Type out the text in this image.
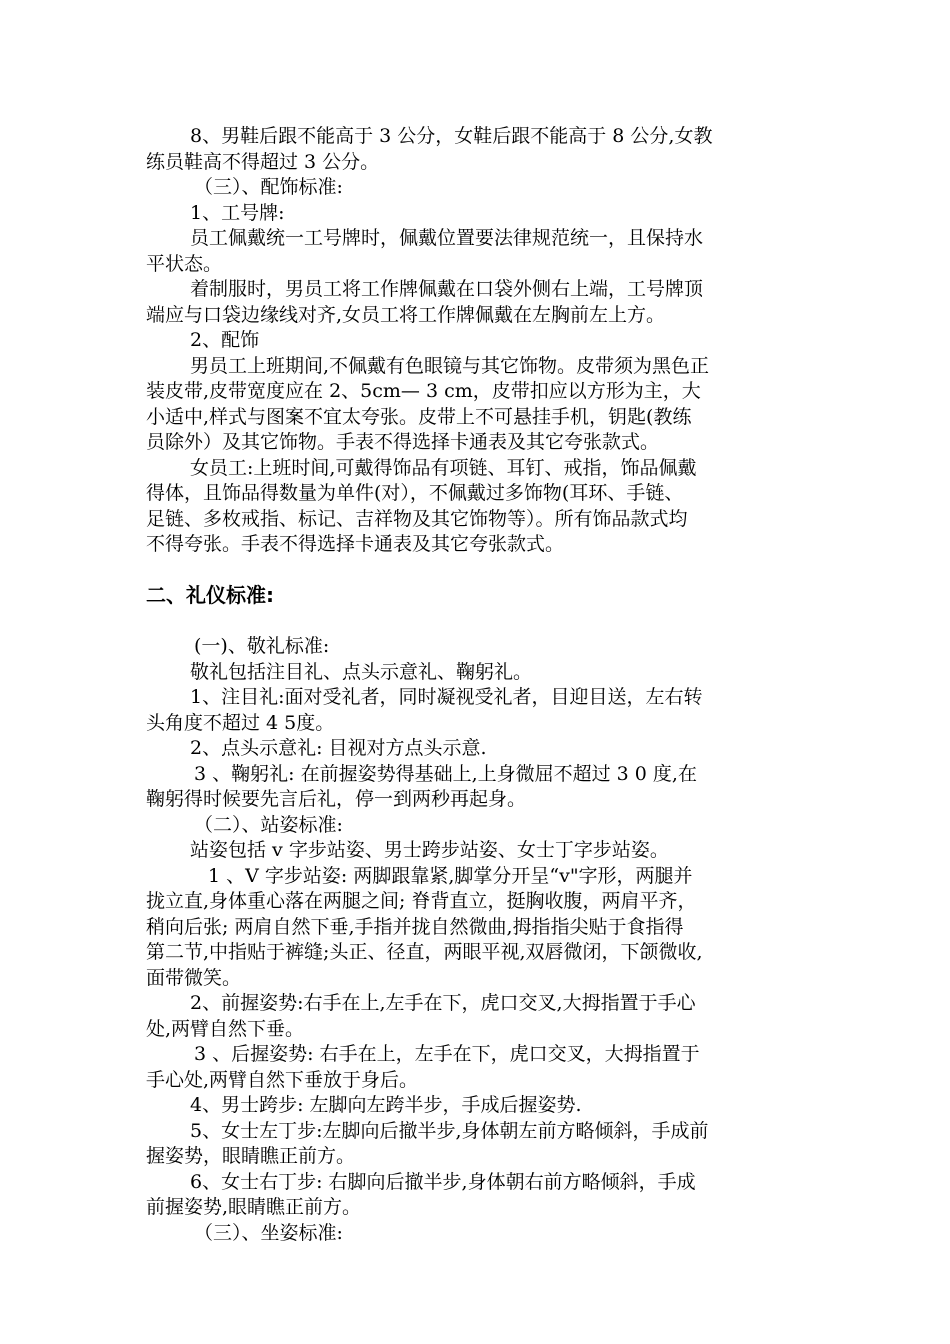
8、男鞋后跟不能高于 3 公分，女鞋后跟不能高于 8 公分,女教
练员鞋高不得超过 3 公分。
（三）、配饰标准:
1、工号牌:
员工佩戴统一工号牌时，佩戴位置要法律规范统一，且保持水
平状态。
着制服时，男员工将工作牌佩戴在口袋外侧右上端，工号牌顶
端应与口袋边缘线对齐,女员工将工作牌佩戴在左胸前左上方。
2、配饰
男员工上班期间,不佩戴有色眼镜与其它饰物。皮带须为黑色正
装皮带,皮带宽度应在 2、5cm— 3 cm，皮带扣应以方形为主，大
小适中,样式与图案不宜太夸张。皮带上不可悬挂手机，钥匙(教练
员除外）及其它饰物。手表不得选择卡通表及其它夸张款式。
女员工:上班时间,可戴得饰品有项链、耳钉、戒指，饰品佩戴
得体，且饰品得数量为单件(对），不佩戴过多饰物(耳环、手链、
足链、多枚戒指、标记、吉祥物及其它饰物等）。所有饰品款式均
不得夸张。手表不得选择卡通表及其它夸张款式。
二、礼仪标准:
(一)、敬礼标准:
敬礼包括注目礼、点头示意礼、鞠躬礼。
1、注目礼:面对受礼者，同时凝视受礼者，目迎目送，左右转
头角度不超过 4 5度。
2、点头示意礼: 目视对方点头示意.
3 、鞠躬礼: 在前握姿势得基础上,上身微屈不超过 3 0 度,在
鞠躬得时候要先言后礼，停一到两秒再起身。
（二）、站姿标准:
站姿包括 v 字步站姿、男士跨步站姿、女士丁字步站姿。
1 、V 字步站姿: 两脚跟靠紧,脚掌分开呈“v"字形，两腿并
拢立直,身体重心落在两腿之间; 脊背直立，挺胸收腹，两肩平齐，
稍向后张; 两肩自然下垂,手指并拢自然微曲,拇指指尖贴于食指得
第二节,中指贴于裤缝;头正、径直，两眼平视,双唇微闭，下颌微收,
面带微笑。
2、前握姿势:右手在上,左手在下，虎口交叉,大拇指置于手心
处,两臂自然下垂。
3 、后握姿势: 右手在上，左手在下，虎口交叉，大拇指置于
手心处,两臂自然下垂放于身后。
4、男士跨步: 左脚向左跨半步，手成后握姿势.
5、女士左丁步:左脚向后撤半步,身体朝左前方略倾斜，手成前
握姿势，眼睛瞧正前方。
6、女士右丁步: 右脚向后撤半步,身体朝右前方略倾斜，手成
前握姿势,眼睛瞧正前方。
（三）、坐姿标准:
